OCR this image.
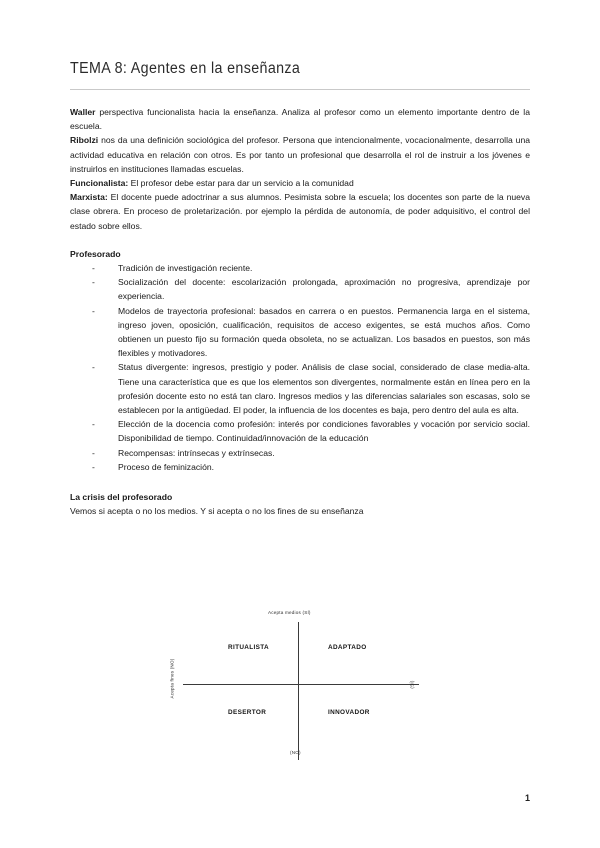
TEMA 8: Agentes en la enseñanza

Waller perspectiva funcionalista hacia la enseñanza. Analiza al profesor como un elemento importante dentro de la escuela.

Ribolzi nos da una definición sociológica del profesor. Persona que intencionalmente, vocacionalmente, desarrolla una actividad educativa en relación con otros. Es por tanto un profesional que desarrolla el rol de instruir a los jóvenes e instruirlos en instituciones llamadas escuelas.

Funcionalista: El profesor debe estar para dar un servicio a la comunidad

Marxista: El docente puede adoctrinar a sus alumnos. Pesimista sobre la escuela; los docentes son parte de la nueva clase obrera. En proceso de proletarización. por ejemplo la pérdida de autonomía, de poder adquisitivo, el control del estado sobre ellos.

Profesorado
-	Tradición de investigación reciente.
-	Socialización del docente: escolarización prolongada, aproximación no progresiva, aprendizaje por experiencia.
-	Modelos de trayectoria profesional: basados en carrera o en puestos. Permanencia larga en el sistema, ingreso joven, oposición, cualificación, requisitos de acceso exigentes, se está muchos años. Como obtienen un puesto fijo su formación queda obsoleta, no se actualizan. Los basados en puestos, son más flexibles y motivadores.
-	Status divergente: ingresos, prestigio y poder. Análisis de clase social, considerado de clase media-alta. Tiene una característica que es que los elementos son divergentes, normalmente están en línea pero en la profesión docente esto no está tan claro. Ingresos medios y las diferencias salariales son escasas, solo se establecen por la antigüedad. El poder, la influencia de los docentes es baja, pero dentro del aula es alta.
-	Elección de la docencia como profesión: interés por condiciones favorables y vocación por servicio social. Disponibilidad de tiempo. Continuidad/innovación de la educación
-	Recompensas: intrínsecas y extrínsecas.
-	Proceso de feminización.
La crisis del profesorado
Vemos si acepta o no los medios. Y si acepta o no los fines de su enseñanza
Acepta medios (SÍ)
(NO)
Acepta fines (NO)	(SÍ)
RITUALISTA	ADAPTADO
DESERTOR	INNOVADOR
1
